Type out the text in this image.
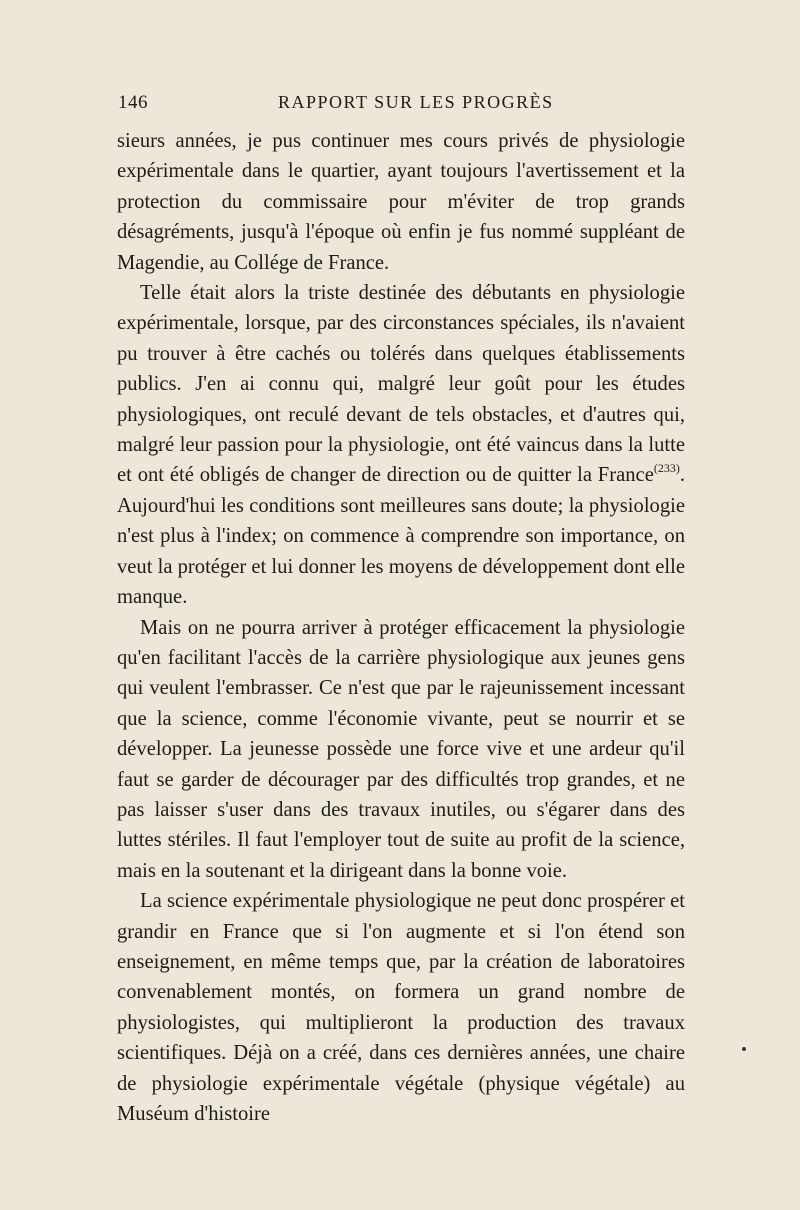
146	RAPPORT SUR LES PROGRÈS

sieurs années, je pus continuer mes cours privés de physiologie expérimentale dans le quartier, ayant toujours l'avertissement et la protection du commissaire pour m'éviter de trop grands désagréments, jusqu'à l'époque où enfin je fus nommé suppléant de Magendie, au Collége de France.

Telle était alors la triste destinée des débutants en physiologie expérimentale, lorsque, par des circonstances spéciales, ils n'avaient pu trouver à être cachés ou tolérés dans quelques établissements publics. J'en ai connu qui, malgré leur goût pour les études physiologiques, ont reculé devant de tels obstacles, et d'autres qui, malgré leur passion pour la physiologie, ont été vaincus dans la lutte et ont été obligés de changer de direction ou de quitter la France$^{(233)}$. Aujourd'hui les conditions sont meilleures sans doute; la physiologie n'est plus à l'index; on commence à comprendre son importance, on veut la protéger et lui donner les moyens de développement dont elle manque.

Mais on ne pourra arriver à protéger efficacement la physiologie qu'en facilitant l'accès de la carrière physiologique aux jeunes gens qui veulent l'embrasser. Ce n'est que par le rajeunissement incessant que la science, comme l'économie vivante, peut se nourrir et se développer. La jeunesse possède une force vive et une ardeur qu'il faut se garder de décourager par des difficultés trop grandes, et ne pas laisser s'user dans des travaux inutiles, ou s'égarer dans des luttes stériles. Il faut l'employer tout de suite au profit de la science, mais en la soutenant et la dirigeant dans la bonne voie.

La science expérimentale physiologique ne peut donc prospérer et grandir en France que si l'on augmente et si l'on étend son enseignement, en même temps que, par la création de laboratoires convenablement montés, on formera un grand nombre de physiologistes, qui multiplieront la production des travaux scientifiques. Déjà on a créé, dans ces dernières années, une chaire de physiologie expérimentale végétale (physique végétale) au Muséum d'histoire
